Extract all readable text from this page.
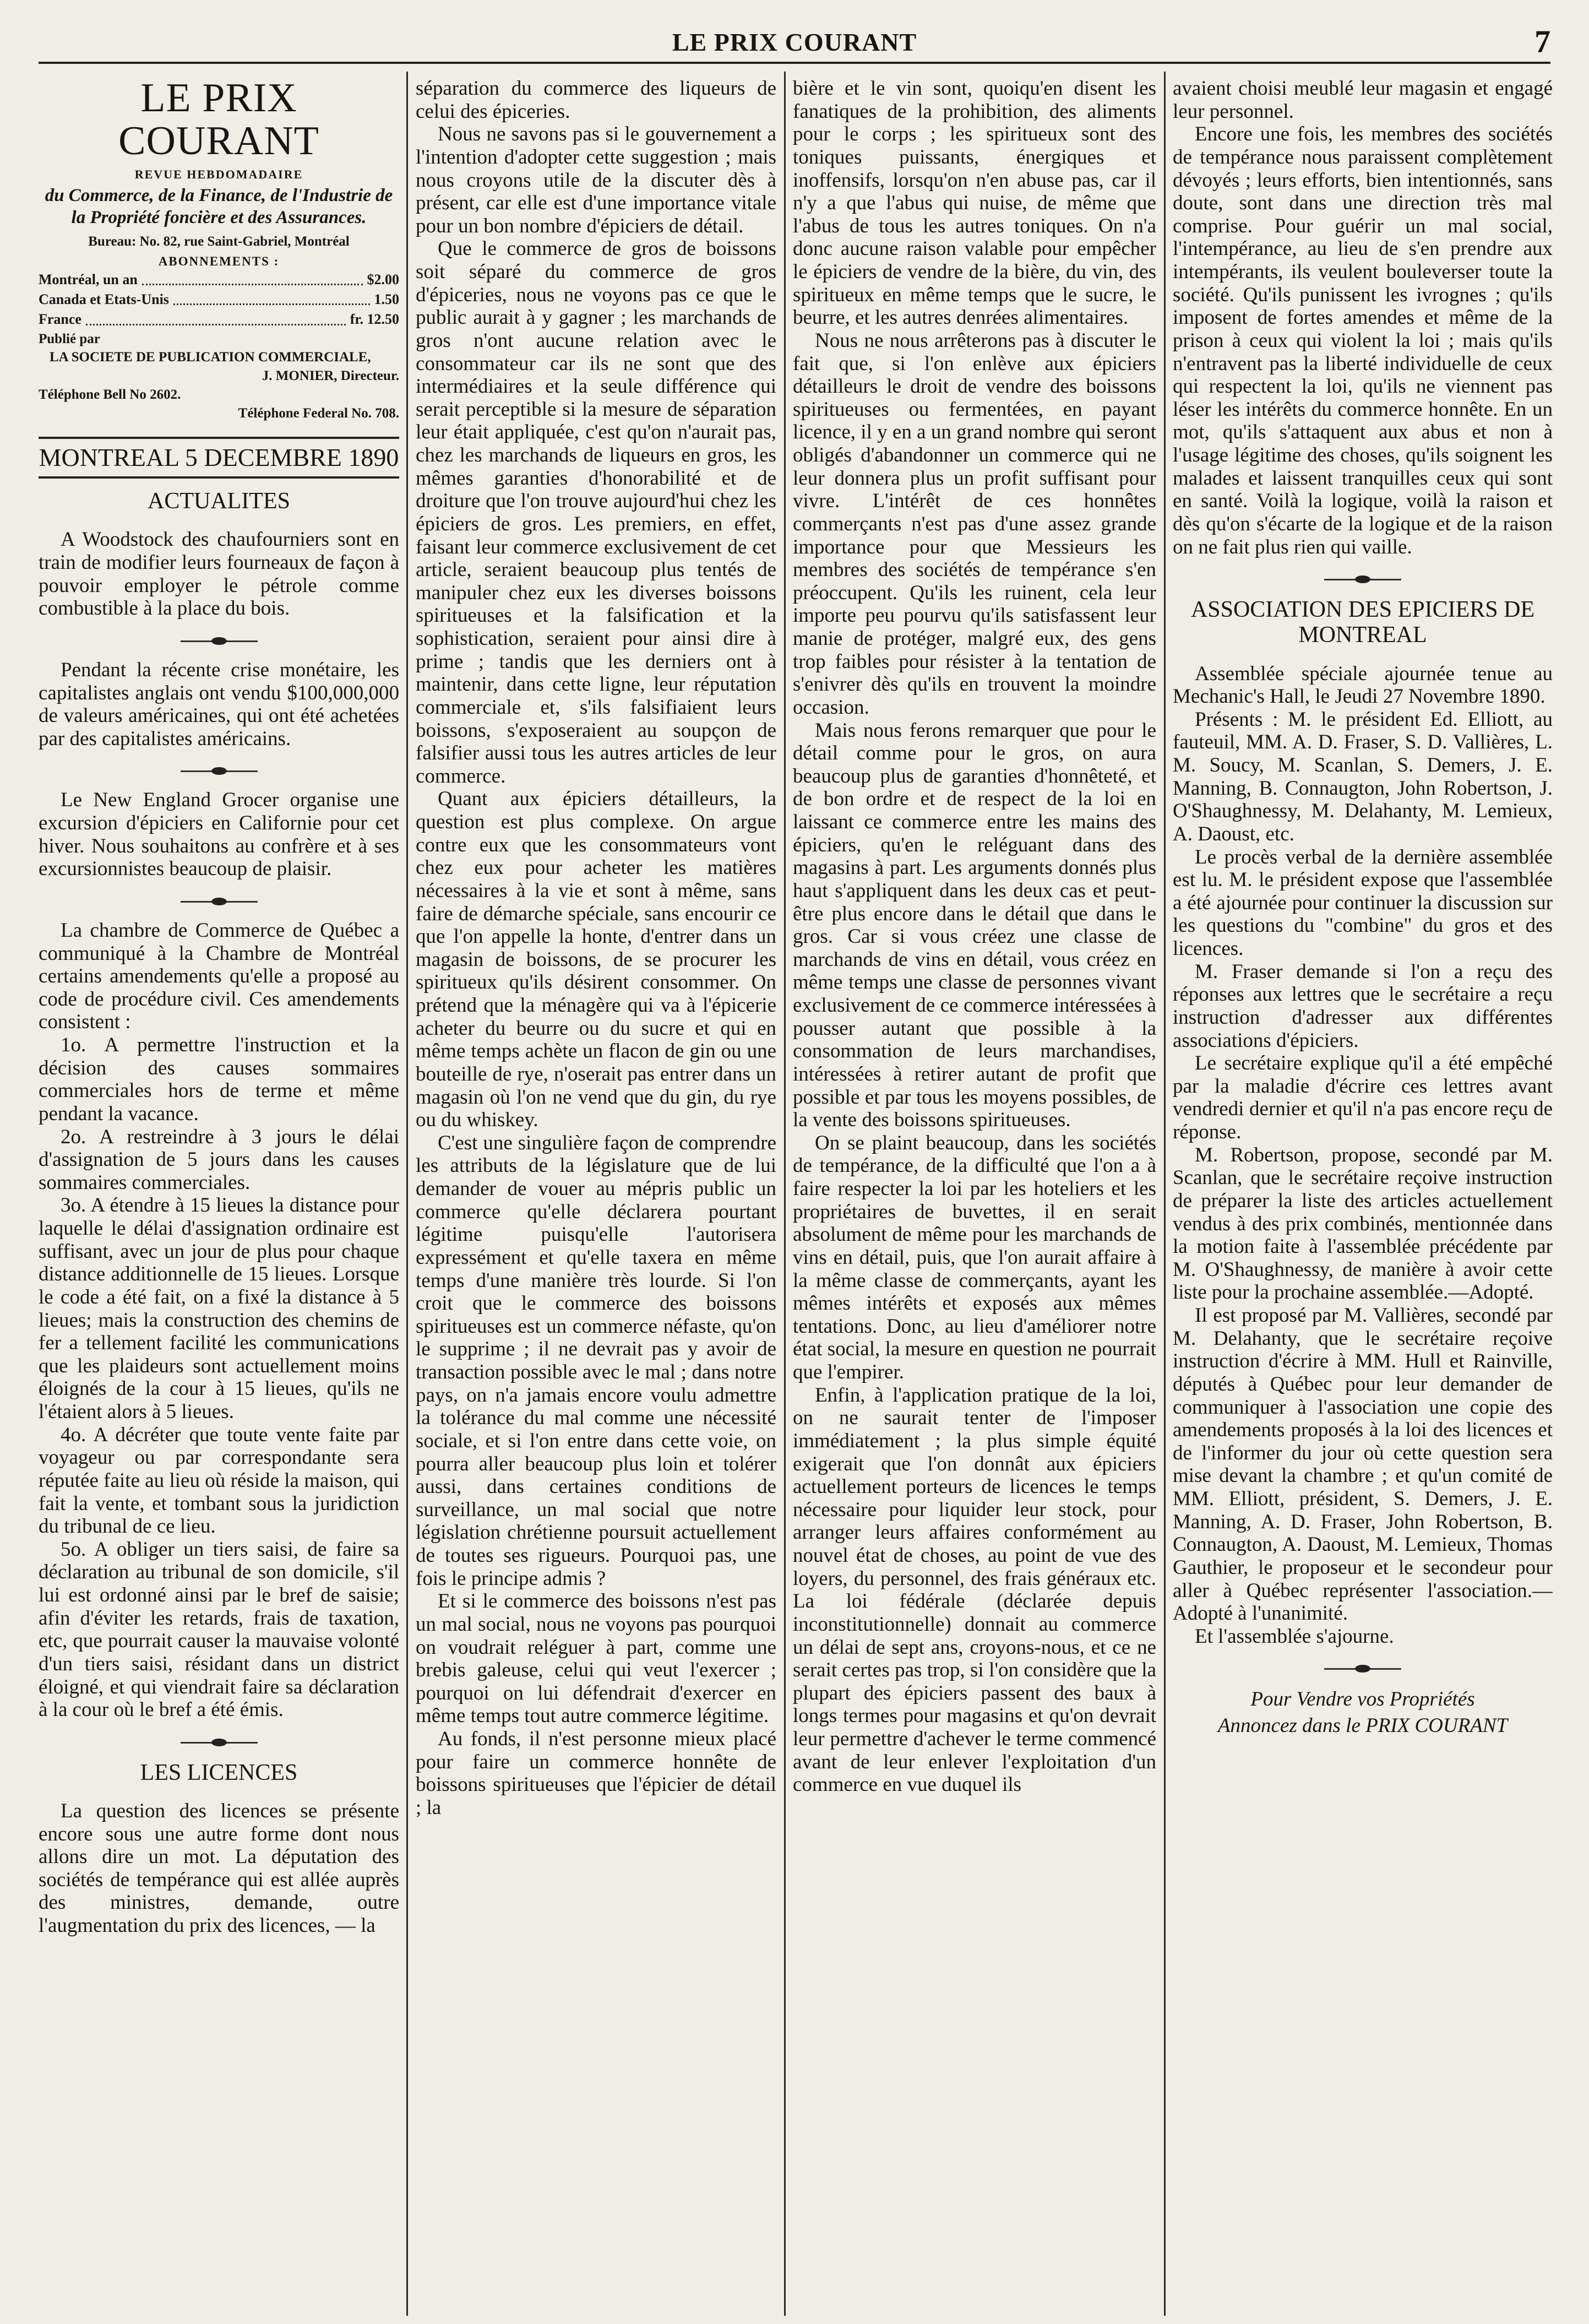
LE PRIX COURANT	7
LE PRIX COURANT
REVUE HEBDOMADAIRE
du Commerce, de la Finance, de l'Industrie de la Propriété foncière et des Assurances.
Bureau: No. 82, rue Saint-Gabriel, Montréal
ABONNEMENTS :
Montréal, un an	$2.00
Canada et Etats-Unis	1.50
France	fr. 12.50
Publié par
LA SOCIETE DE PUBLICATION COMMERCIALE,
J. MONIER, Directeur.
Téléphone Bell No 2602.
Téléphone Federal No. 708.
MONTREAL 5 DECEMBRE 1890
ACTUALITES

A Woodstock des chaufourniers sont en train de modifier leurs fourneaux de façon à pouvoir employer le pétrole comme combustible à la place du bois.

Pendant la récente crise monétaire, les capitalistes anglais ont vendu $100,000,000 de valeurs américaines, qui ont été achetées par des capitalistes américains.

Le New England Grocer organise une excursion d'épiciers en Californie pour cet hiver. Nous souhaitons au confrère et à ses excursionnistes beaucoup de plaisir.

La chambre de Commerce de Québec a communiqué à la Chambre de Montréal certains amendements qu'elle a proposé au code de procédure civil. Ces amendements consistent :

1o. A permettre l'instruction et la décision des causes sommaires commerciales hors de terme et même pendant la vacance.

2o. A restreindre à 3 jours le délai d'assignation de 5 jours dans les causes sommaires commerciales.

3o. A étendre à 15 lieues la distance pour laquelle le délai d'assignation ordinaire est suffisant, avec un jour de plus pour chaque distance additionnelle de 15 lieues. Lorsque le code a été fait, on a fixé la distance à 5 lieues; mais la construction des chemins de fer a tellement facilité les communications que les plaideurs sont actuellement moins éloignés de la cour à 15 lieues, qu'ils ne l'étaient alors à 5 lieues.

4o. A décréter que toute vente faite par voyageur ou par correspondante sera réputée faite au lieu où réside la maison, qui fait la vente, et tombant sous la juridiction du tribunal de ce lieu.

5o. A obliger un tiers saisi, de faire sa déclaration au tribunal de son domicile, s'il lui est ordonné ainsi par le bref de saisie; afin d'éviter les retards, frais de taxation, etc, que pourrait causer la mauvaise volonté d'un tiers saisi, résidant dans un district éloigné, et qui viendrait faire sa déclaration à la cour où le bref a été émis.

LES LICENCES

La question des licences se présente encore sous une autre forme dont nous allons dire un mot. La députation des sociétés de tempérance qui est allée auprès des ministres, demande, outre l'augmentation du prix des licences, — la

séparation du commerce des liqueurs de celui des épiceries.

Nous ne savons pas si le gouvernement a l'intention d'adopter cette suggestion ; mais nous croyons utile de la discuter dès à présent, car elle est d'une importance vitale pour un bon nombre d'épiciers de détail.

Que le commerce de gros de boissons soit séparé du commerce de gros d'épiceries, nous ne voyons pas ce que le public aurait à y gagner ; les marchands de gros n'ont aucune relation avec le consommateur car ils ne sont que des intermédiaires et la seule différence qui serait perceptible si la mesure de séparation leur était appliquée, c'est qu'on n'aurait pas, chez les marchands de liqueurs en gros, les mêmes garanties d'honorabilité et de droiture que l'on trouve aujourd'hui chez les épiciers de gros. Les premiers, en effet, faisant leur commerce exclusivement de cet article, seraient beaucoup plus tentés de manipuler chez eux les diverses boissons spiritueuses et la falsification et la sophistication, seraient pour ainsi dire à prime ; tandis que les derniers ont à maintenir, dans cette ligne, leur réputation commerciale et, s'ils falsifiaient leurs boissons, s'exposeraient au soupçon de falsifier aussi tous les autres articles de leur commerce.

Quant aux épiciers détailleurs, la question est plus complexe. On argue contre eux que les consommateurs vont chez eux pour acheter les matières nécessaires à la vie et sont à même, sans faire de démarche spéciale, sans encourir ce que l'on appelle la honte, d'entrer dans un magasin de boissons, de se procurer les spiritueux qu'ils désirent consommer. On prétend que la ménagère qui va à l'épicerie acheter du beurre ou du sucre et qui en même temps achète un flacon de gin ou une bouteille de rye, n'oserait pas entrer dans un magasin où l'on ne vend que du gin, du rye ou du whiskey.

C'est une singulière façon de comprendre les attributs de la législature que de lui demander de vouer au mépris public un commerce qu'elle déclarera pourtant légitime puisqu'elle l'autorisera expressément et qu'elle taxera en même temps d'une manière très lourde. Si l'on croit que le commerce des boissons spiritueuses est un commerce néfaste, qu'on le supprime ; il ne devrait pas y avoir de transaction possible avec le mal ; dans notre pays, on n'a jamais encore voulu admettre la tolérance du mal comme une nécessité sociale, et si l'on entre dans cette voie, on pourra aller beaucoup plus loin et tolérer aussi, dans certaines conditions de surveillance, un mal social que notre législation chrétienne poursuit actuellement de toutes ses rigueurs. Pourquoi pas, une fois le principe admis ?

Et si le commerce des boissons n'est pas un mal social, nous ne voyons pas pourquoi on voudrait reléguer à part, comme une brebis galeuse, celui qui veut l'exercer ; pourquoi on lui défendrait d'exercer en même temps tout autre commerce légitime.

Au fonds, il n'est personne mieux placé pour faire un commerce honnête de boissons spiritueuses que l'épicier de détail ; la

bière et le vin sont, quoiqu'en disent les fanatiques de la prohibition, des aliments pour le corps ; les spiritueux sont des toniques puissants, énergiques et inoffensifs, lorsqu'on n'en abuse pas, car il n'y a que l'abus qui nuise, de même que l'abus de tous les autres toniques. On n'a donc aucune raison valable pour empêcher le épiciers de vendre de la bière, du vin, des spiritueux en même temps que le sucre, le beurre, et les autres denrées alimentaires.

Nous ne nous arrêterons pas à discuter le fait que, si l'on enlève aux épiciers détailleurs le droit de vendre des boissons spiritueuses ou fermentées, en payant licence, il y en a un grand nombre qui seront obligés d'abandonner un commerce qui ne leur donnera plus un profit suffisant pour vivre. L'intérêt de ces honnêtes commerçants n'est pas d'une assez grande importance pour que Messieurs les membres des sociétés de tempérance s'en préoccupent. Qu'ils les ruinent, cela leur importe peu pourvu qu'ils satisfassent leur manie de protéger, malgré eux, des gens trop faibles pour résister à la tentation de s'enivrer dès qu'ils en trouvent la moindre occasion.

Mais nous ferons remarquer que pour le détail comme pour le gros, on aura beaucoup plus de garanties d'honnêteté, et de bon ordre et de respect de la loi en laissant ce commerce entre les mains des épiciers, qu'en le reléguant dans des magasins à part. Les arguments donnés plus haut s'appliquent dans les deux cas et peut-être plus encore dans le détail que dans le gros. Car si vous créez une classe de marchands de vins en détail, vous créez en même temps une classe de personnes vivant exclusivement de ce commerce intéressées à pousser autant que possible à la consommation de leurs marchandises, intéressées à retirer autant de profit que possible et par tous les moyens possibles, de la vente des boissons spiritueuses.

On se plaint beaucoup, dans les sociétés de tempérance, de la difficulté que l'on a à faire respecter la loi par les hoteliers et les propriétaires de buvettes, il en serait absolument de même pour les marchands de vins en détail, puis, que l'on aurait affaire à la même classe de commerçants, ayant les mêmes intérêts et exposés aux mêmes tentations. Donc, au lieu d'améliorer notre état social, la mesure en question ne pourrait que l'empirer.

Enfin, à l'application pratique de la loi, on ne saurait tenter de l'imposer immédiatement ; la plus simple équité exigerait que l'on donnât aux épiciers actuellement porteurs de licences le temps nécessaire pour liquider leur stock, pour arranger leurs affaires conformément au nouvel état de choses, au point de vue des loyers, du personnel, des frais généraux etc. La loi fédérale (déclarée depuis inconstitutionnelle) donnait au commerce un délai de sept ans, croyons-nous, et ce ne serait certes pas trop, si l'on considère que la plupart des épiciers passent des baux à longs termes pour magasins et qu'on devrait leur permettre d'achever le terme commencé avant de leur enlever l'exploitation d'un commerce en vue duquel ils

avaient choisi meublé leur magasin et engagé leur personnel.

Encore une fois, les membres des sociétés de tempérance nous paraissent complètement dévoyés ; leurs efforts, bien intentionnés, sans doute, sont dans une direction très mal comprise. Pour guérir un mal social, l'intempérance, au lieu de s'en prendre aux intempérants, ils veulent bouleverser toute la société. Qu'ils punissent les ivrognes ; qu'ils imposent de fortes amendes et même de la prison à ceux qui violent la loi ; mais qu'ils n'entravent pas la liberté individuelle de ceux qui respectent la loi, qu'ils ne viennent pas léser les intérêts du commerce honnête. En un mot, qu'ils s'attaquent aux abus et non à l'usage légitime des choses, qu'ils soignent les malades et laissent tranquilles ceux qui sont en santé. Voilà la logique, voilà la raison et dès qu'on s'écarte de la logique et de la raison on ne fait plus rien qui vaille.

ASSOCIATION DES EPICIERS DE MONTREAL

Assemblée spéciale ajournée tenue au Mechanic's Hall, le Jeudi 27 Novembre 1890.

Présents : M. le président Ed. Elliott, au fauteuil, MM. A. D. Fraser, S. D. Vallières, L. M. Soucy, M. Scanlan, S. Demers, J. E. Manning, B. Connaugton, John Robertson, J. O'Shaughnessy, M. Delahanty, M. Lemieux, A. Daoust, etc.

Le procès verbal de la dernière assemblée est lu. M. le président expose que l'assemblée a été ajournée pour continuer la discussion sur les questions du "combine" du gros et des licences.

M. Fraser demande si l'on a reçu des réponses aux lettres que le secrétaire a reçu instruction d'adresser aux différentes associations d'épiciers.

Le secrétaire explique qu'il a été empêché par la maladie d'écrire ces lettres avant vendredi dernier et qu'il n'a pas encore reçu de réponse.

M. Robertson, propose, secondé par M. Scanlan, que le secrétaire reçoive instruction de préparer la liste des articles actuellement vendus à des prix combinés, mentionnée dans la motion faite à l'assemblée précédente par M. O'Shaughnessy, de manière à avoir cette liste pour la prochaine assemblée.—Adopté.

Il est proposé par M. Vallières, secondé par M. Delahanty, que le secrétaire reçoive instruction d'écrire à MM. Hull et Rainville, députés à Québec pour leur demander de communiquer à l'association une copie des amendements proposés à la loi des licences et de l'informer du jour où cette question sera mise devant la chambre ; et qu'un comité de MM. Elliott, président, S. Demers, J. E. Manning, A. D. Fraser, John Robertson, B. Connaugton, A. Daoust, M. Lemieux, Thomas Gauthier, le proposeur et le secondeur pour aller à Québec représenter l'association.—Adopté à l'unanimité.

Et l'assemblée s'ajourne.

Pour Vendre vos Propriétés
Annoncez dans le PRIX COURANT
